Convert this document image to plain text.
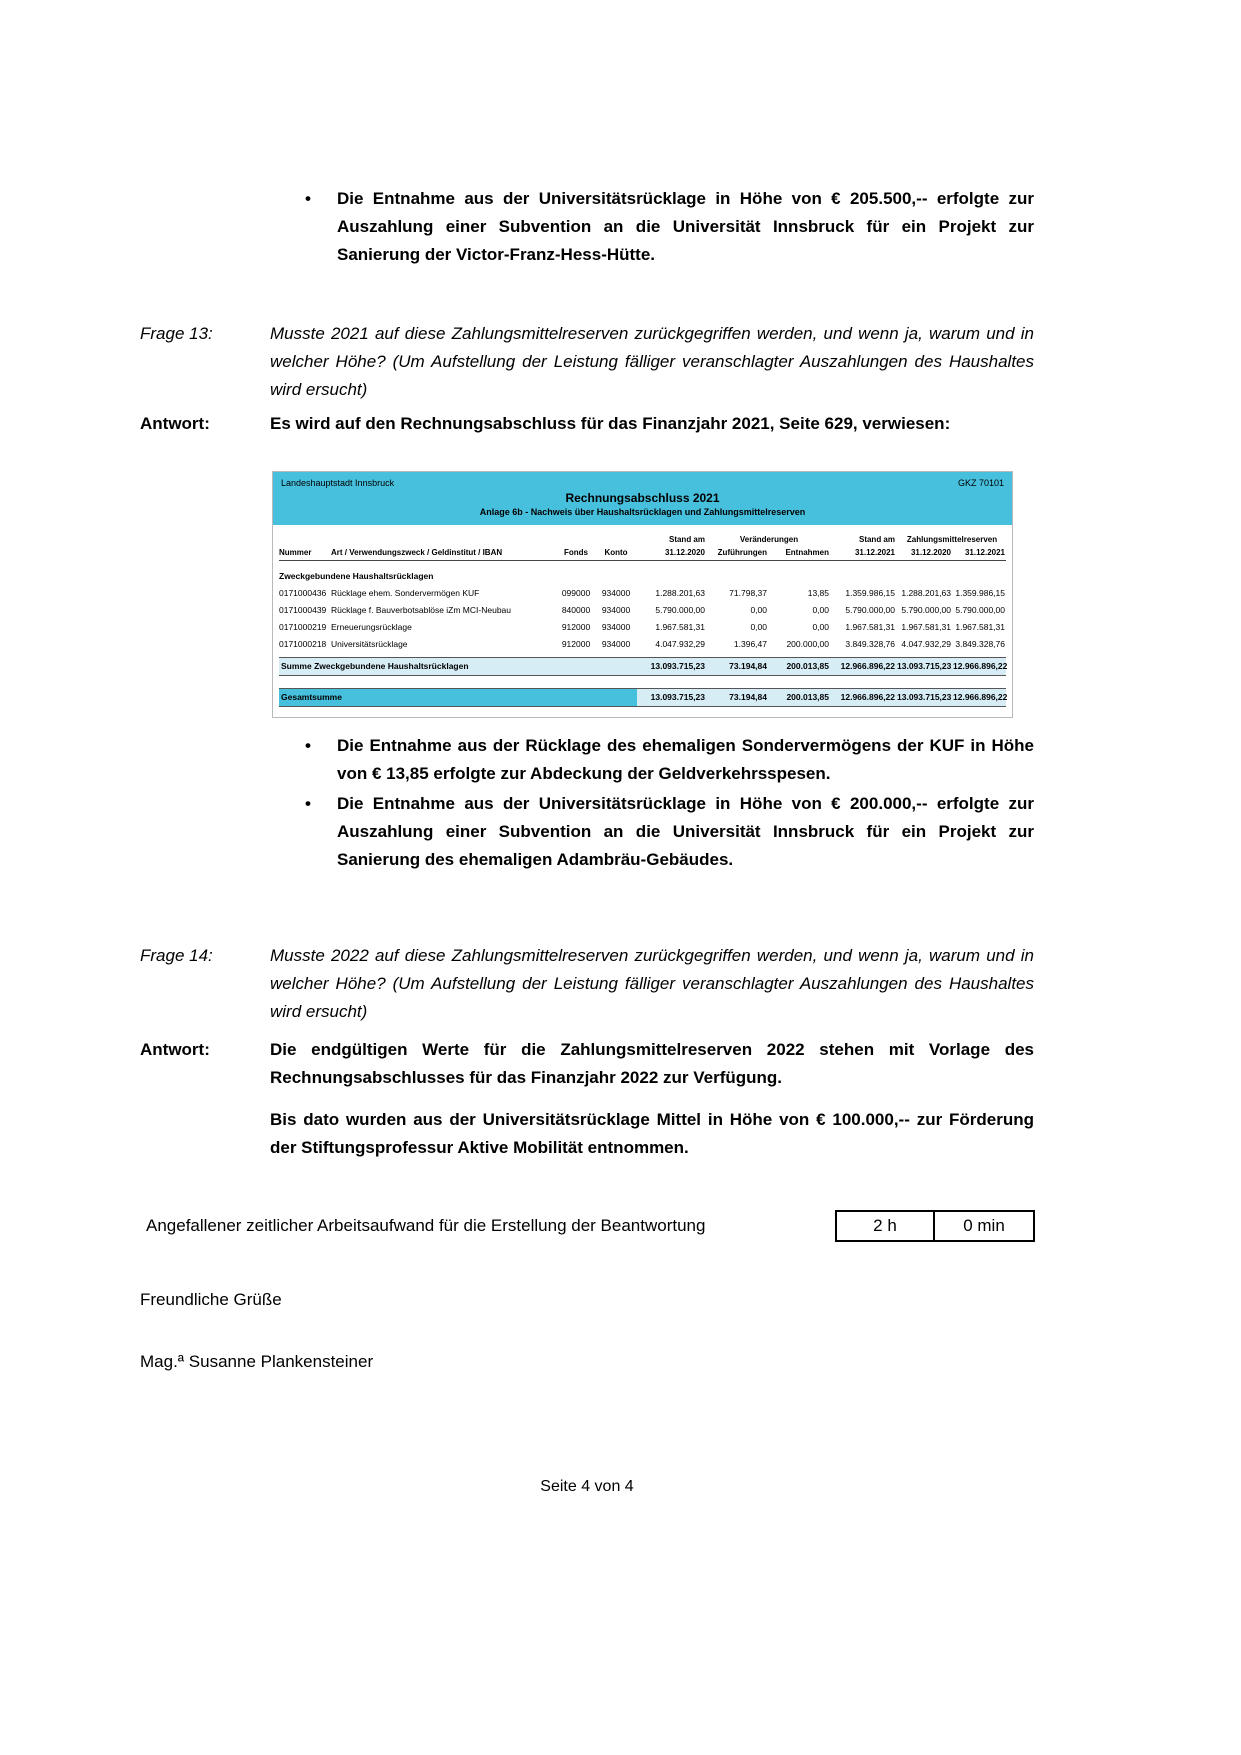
•
Die Entnahme aus der Universitätsrücklage in Höhe von € 205.500,-- erfolgte zur Auszahlung einer Subvention an die Universität Innsbruck für ein Projekt zur Sanierung der Victor-Franz-Hess-Hütte.
Frage 13:	Musste 2021 auf diese Zahlungsmittelreserven zurückgegriffen werden, und wenn ja, warum und in welcher Höhe? (Um Aufstellung der Leistung fälliger veranschlagter Auszahlungen des Haushaltes wird ersucht)
Antwort:	Es wird auf den Rechnungsabschluss für das Finanzjahr 2021, Seite 629, verwiesen:
Landeshauptstadt Innsbruck	GKZ 70101
Rechnungsabschluss 2021
Anlage 6b - Nachweis über Haushaltsrücklagen und Zahlungsmittelreserven
Stand am	Veränderungen	Stand am	Zahlungsmittelreserven
Nummer	Art / Verwendungszweck / Geldinstitut / IBAN	Fonds	Konto	31.12.2020	Zuführungen	Entnahmen	31.12.2021	31.12.2020	31.12.2021
Zweckgebundene Haushaltsrücklagen
0171000436 Rücklage ehem. Sondervermögen KUF	099000	934000	1.288.201,63	71.798,37	13,85	1.359.986,15 1.288.201,63 1.359.986,15
0171000439 Rücklage f. Bauverbotsablöse iZm MCI-Neubau	840000	934000	5.790.000,00	0,00	0,00	5.790.000,00 5.790.000,00 5.790.000,00
0171000219 Erneuerungsrücklage	912000	934000	1.967.581,31	0,00	0,00	1.967.581,31 1.967.581,31 1.967.581,31
0171000218 Universitätsrücklage	912000	934000	4.047.932,29	1.396,47	200.000,00	3.849.328,76 4.047.932,29 3.849.328,76
Summe Zweckgebundene Haushaltsrücklagen	13.093.715,23	73.194,84	200.013,85	12.966.896,22 13.093.715,23 12.966.896,22
Gesamtsumme	13.093.715,23	73.194,84	200.013,85	12.966.896,22 13.093.715,23 12.966.896,22
•
Die Entnahme aus der Rücklage des ehemaligen Sondervermögens der KUF in Höhe von € 13,85 erfolgte zur Abdeckung der Geldverkehrsspesen.
•
Die Entnahme aus der Universitätsrücklage in Höhe von € 200.000,-- erfolgte zur Auszahlung einer Subvention an die Universität Innsbruck für ein Projekt zur Sanierung des ehemaligen Adambräu-Gebäudes.
Frage 14:	Musste 2022 auf diese Zahlungsmittelreserven zurückgegriffen werden, und wenn ja, warum und in welcher Höhe? (Um Aufstellung der Leistung fälliger veranschlagter Auszahlungen des Haushaltes wird ersucht)
Antwort:	Die endgültigen Werte für die Zahlungsmittelreserven 2022 stehen mit Vorlage des Rechnungsabschlusses für das Finanzjahr 2022 zur Verfügung.
Bis dato wurden aus der Universitätsrücklage Mittel in Höhe von € 100.000,-- zur Förderung der Stiftungsprofessur Aktive Mobilität entnommen.
Angefallener zeitlicher Arbeitsaufwand für die Erstellung der Beantwortung	2 h	0 min
Freundliche Grüße
Mag.ª Susanne Plankensteiner
Seite 4 von 4
